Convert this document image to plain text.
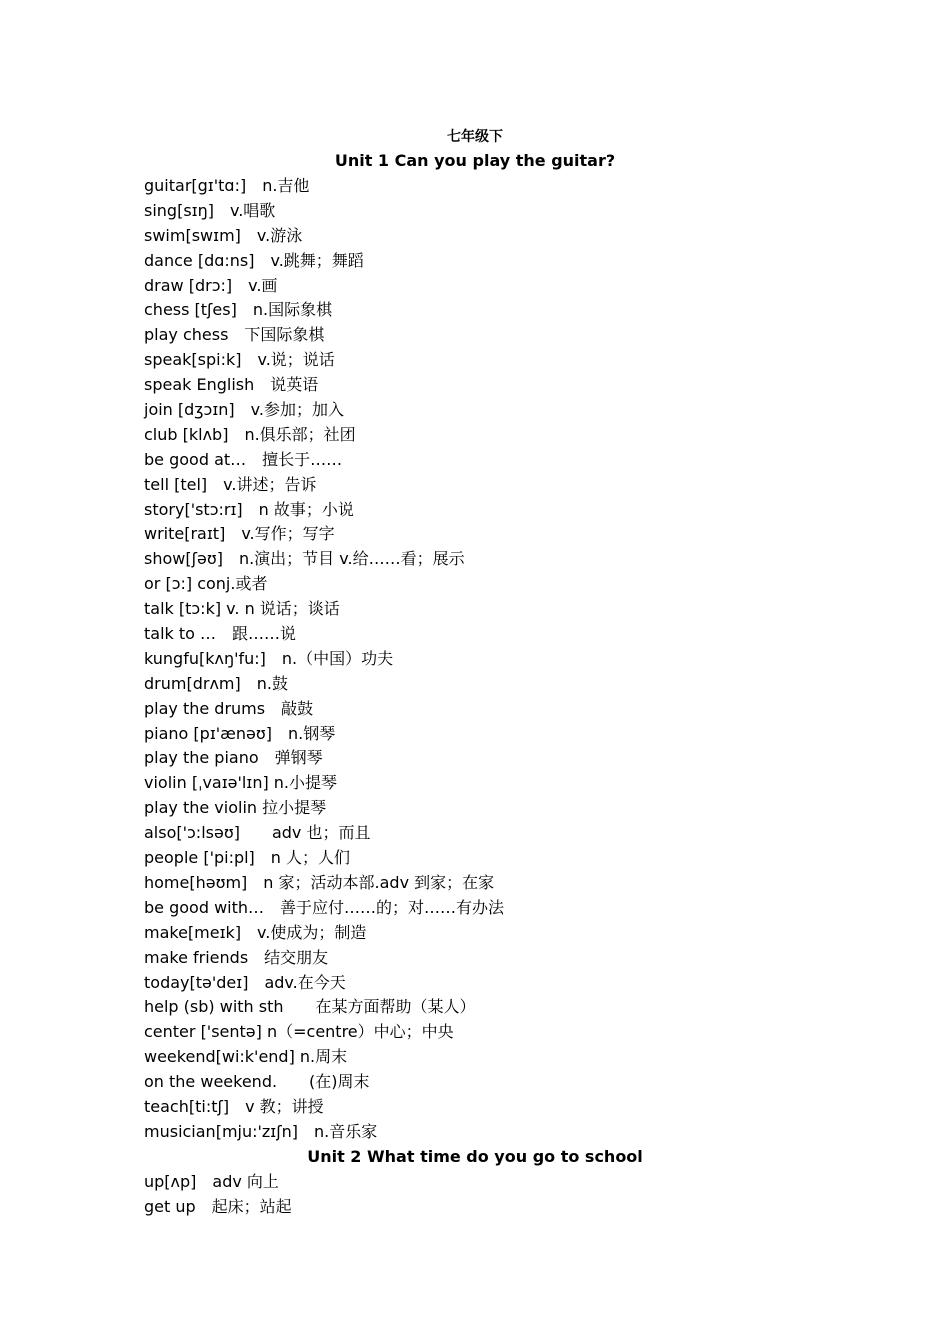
七年级下
Unit 1 Can you play the guitar?
guitar[gɪ'tɑ:]　n.吉他
sing[sɪŋ]　v.唱歌
swim[swɪm]　v.游泳
dance [dɑ:ns]　v.跳舞；舞蹈
draw [drɔ:]　v.画
chess [tʃes]　n.国际象棋
play chess　下国际象棋
speak[spi:k]　v.说；说话
speak English　说英语
join [dʒɔɪn]　v.参加；加入
club [klʌb]　n.俱乐部；社团
be good at…　擅长于……
tell [tel]　v.讲述；告诉
story['stɔ:rɪ]　n 故事；小说
write[raɪt]　v.写作；写字
show[ʃəʊ]　n.演出；节目 v.给……看；展示
or [ɔ:] conj.或者
talk [tɔ:k] v. n 说话；谈话
talk to …　跟……说
kungfu[kʌŋ'fu:]　n.（中国）功夫
drum[drʌm]　n.鼓
play the drums　敲鼓
piano [pɪ'ænəʊ]　n.钢琴
play the piano　弹钢琴
violin [ˌvaɪə'lɪn] n.小提琴
play the violin 拉小提琴
also['ɔ:lsəʊ]　　adv 也；而且
people ['pi:pl]　n 人；人们
home[həʊm]　n 家；活动本部.adv 到家；在家
be good with…　善于应付……的；对……有办法
make[meɪk]　v.使成为；制造
make friends　结交朋友
today[tə'deɪ]　adv.在今天
help (sb) with sth　　在某方面帮助（某人）
center ['sentə] n（=centre）中心；中央
weekend[wi:k'end] n.周末
on the weekend.　　(在)周末
teach[ti:tʃ]　v 教；讲授
musician[mju:'zɪʃn]　n.音乐家
Unit 2 What time do you go to school
up[ʌp]　adv 向上
get up　起床；站起
